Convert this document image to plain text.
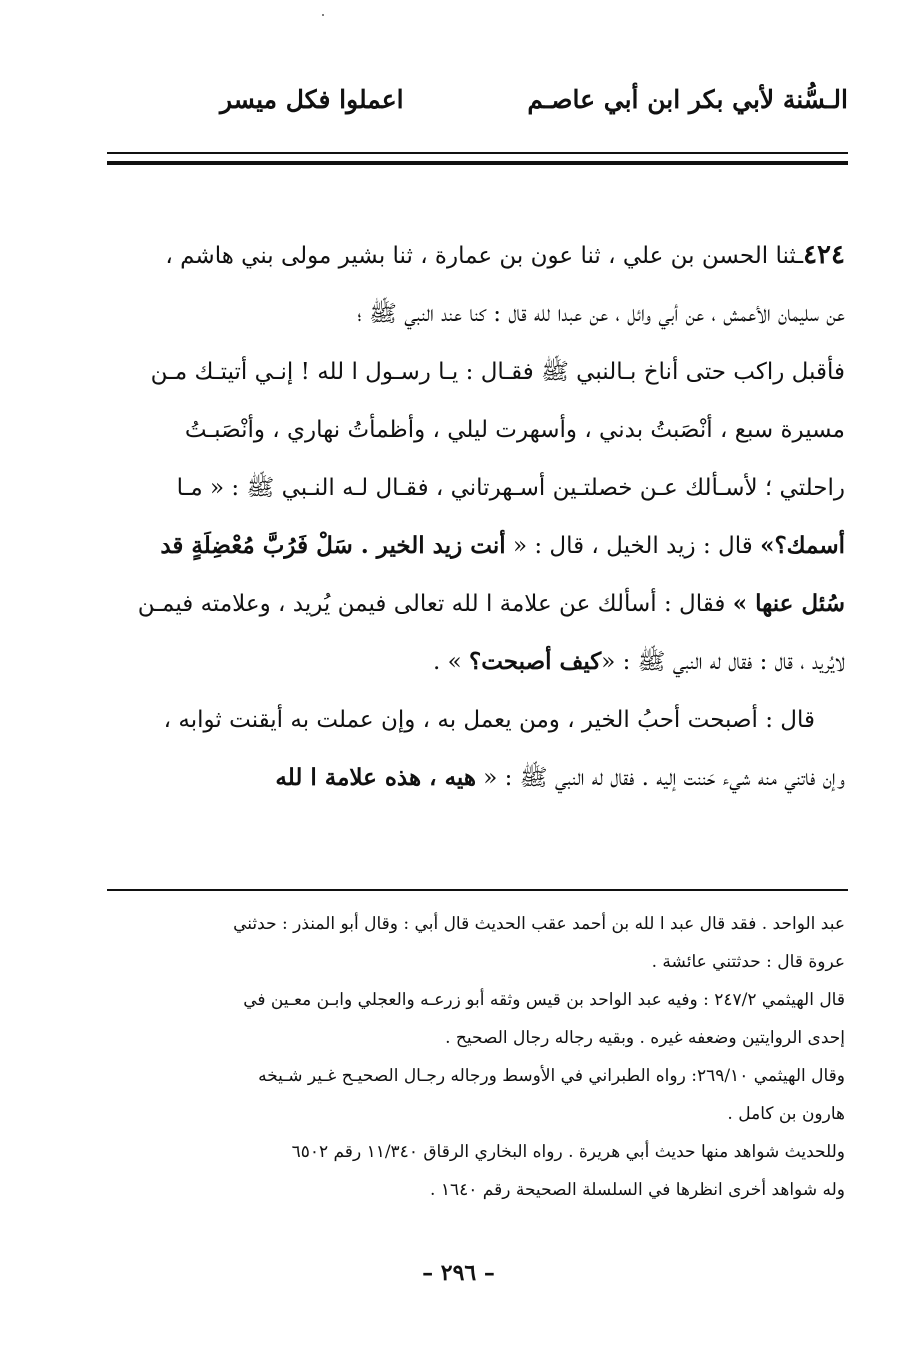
الـسُّنة لأبي بكر ابن أبي عاصـم
اعملوا فكل ميسر

٤٢٤ـثنا الحسن بن علي ، ثنا عون بن عمارة ، ثنا بشير مولى بني هاشم ،

عن سليمان الأعمش ، عن أبي وائل ، عن عبدا لله قال : كنا عند النبي ﷺ ؛

فأقبل راكب حتى أناخ بـالنبي ﷺ فقـال : يـا رسـول ا لله ! إنـي أتيتـك مـن

مسيرة سبع ، أنْصَبتُ بدني ، وأسهرت ليلي ، وأظمأتُ نهاري ، وأنْصَبـتُ

راحلتي ؛ لأسـألك عـن خصلتـين أسـهرتاني ، فقـال لـه النـبي ﷺ : « مـا

أسمك؟» قال : زيد الخيل ، قال : « أنت زيد الخير . سَلْ فَرُبَّ مُعْضِلَةٍ قد

سُئل عنها » فقال : أسألك عن علامة ا لله تعالى فيمن يُريد ، وعلامته فيمـن

لايُريد ، قال : فقال له النبي ﷺ : «كيف أصبحت؟ » .

قال : أصبحت أحبُ الخير ، ومن يعمل به ، وإن عملت به أيقنت ثوابه ،

وإن فاتني منه شيء حَننت إليه . فقال له النبي ﷺ : « هيه ، هذه علامة ا لله

عبد الواحد . فقد قال عبد ا لله بن أحمد عقب الحديث قال أبي : وقال أبو المنذر : حدثني

عروة قال : حدثتني عائشة .

قال الهيثمي ٢٤٧/٢ : وفيه عبد الواحد بن قيس وثقه أبو زرعـه والعجلي وابـن معـين في

إحدى الروايتين وضعفه غيره . وبقيه رجاله رجال الصحيح .

وقال الهيثمي ٢٦٩/١٠: رواه الطبراني في الأوسط ورجاله رجـال الصحيـح غـير شـيخه

هارون بن كامل .

وللحديث شواهد منها حديث أبي هريرة . رواه البخاري الرقاق ١١/٣٤٠ رقم ٦٥٠٢

وله شواهد أخرى انظرها في السلسلة الصحيحة رقم ١٦٤٠ .

– ٢٩٦ –
